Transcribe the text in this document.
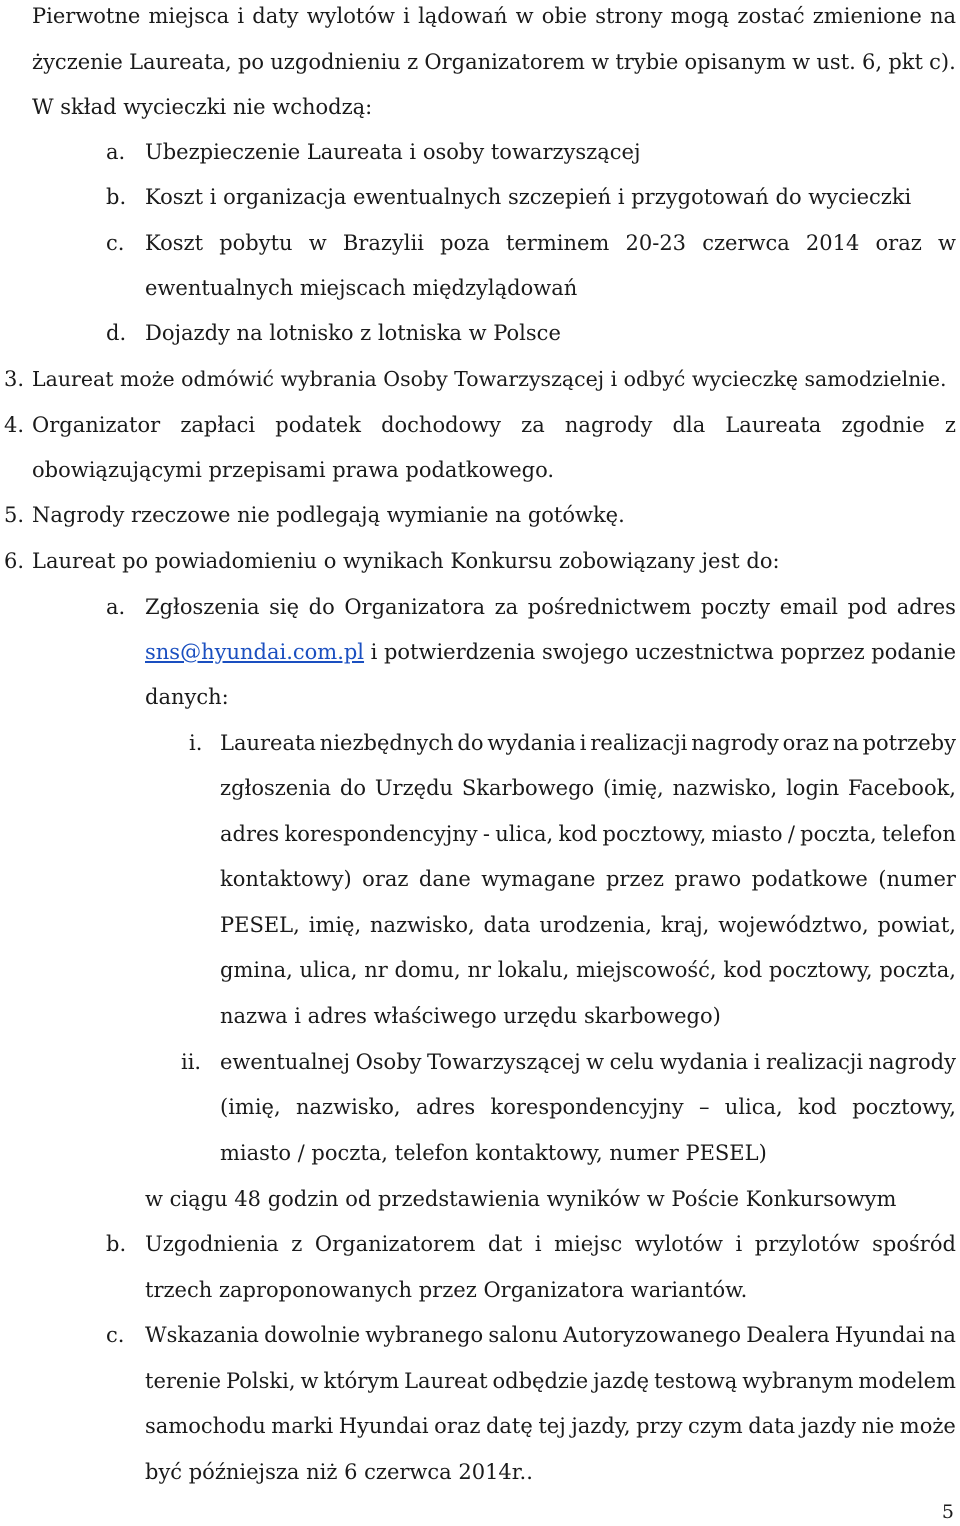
Pierwotne miejsca i daty wylotów i lądowań w obie strony mogą zostać zmienione na
życzenie Laureata, po uzgodnieniu z Organizatorem w trybie opisanym w ust. 6, pkt c).
W skład wycieczki nie wchodzą:
a. Ubezpieczenie Laureata i osoby towarzyszącej
b. Koszt i organizacja ewentualnych szczepień i przygotowań do wycieczki
c. Koszt pobytu w Brazylii poza terminem 20-23 czerwca 2014 oraz w
ewentualnych miejscach międzylądowań
d. Dojazdy na lotnisko z lotniska w Polsce
3. Laureat może odmówić wybrania Osoby Towarzyszącej i odbyć wycieczkę samodzielnie.
4. Organizator zapłaci podatek dochodowy za nagrody dla Laureata zgodnie z
obowiązującymi przepisami prawa podatkowego.
5. Nagrody rzeczowe nie podlegają wymianie na gotówkę.
6. Laureat po powiadomieniu o wynikach Konkursu zobowiązany jest do:
a. Zgłoszenia się do Organizatora za pośrednictwem poczty email pod adres
sns@hyundai.com.pl i potwierdzenia swojego uczestnictwa poprzez podanie
danych:
i. Laureata niezbędnych do wydania i realizacji nagrody oraz na potrzeby
zgłoszenia do Urzędu Skarbowego (imię, nazwisko, login Facebook,
adres korespondencyjny - ulica, kod pocztowy, miasto / poczta, telefon
kontaktowy) oraz dane wymagane przez prawo podatkowe (numer
PESEL, imię, nazwisko, data urodzenia, kraj, województwo, powiat,
gmina, ulica, nr domu, nr lokalu, miejscowość, kod pocztowy, poczta,
nazwa i adres właściwego urzędu skarbowego)
ii. ewentualnej Osoby Towarzyszącej w celu wydania i realizacji nagrody
(imię, nazwisko, adres korespondencyjny – ulica, kod pocztowy,
miasto / poczta, telefon kontaktowy, numer PESEL)
w ciągu 48 godzin od przedstawienia wyników w Poście Konkursowym
b. Uzgodnienia z Organizatorem dat i miejsc wylotów i przylotów spośród
trzech zaproponowanych przez Organizatora wariantów.
c. Wskazania dowolnie wybranego salonu Autoryzowanego Dealera Hyundai na
terenie Polski, w którym Laureat odbędzie jazdę testową wybranym modelem
samochodu marki Hyundai oraz datę tej jazdy, przy czym data jazdy nie może
być późniejsza niż 6 czerwca 2014r..
5
